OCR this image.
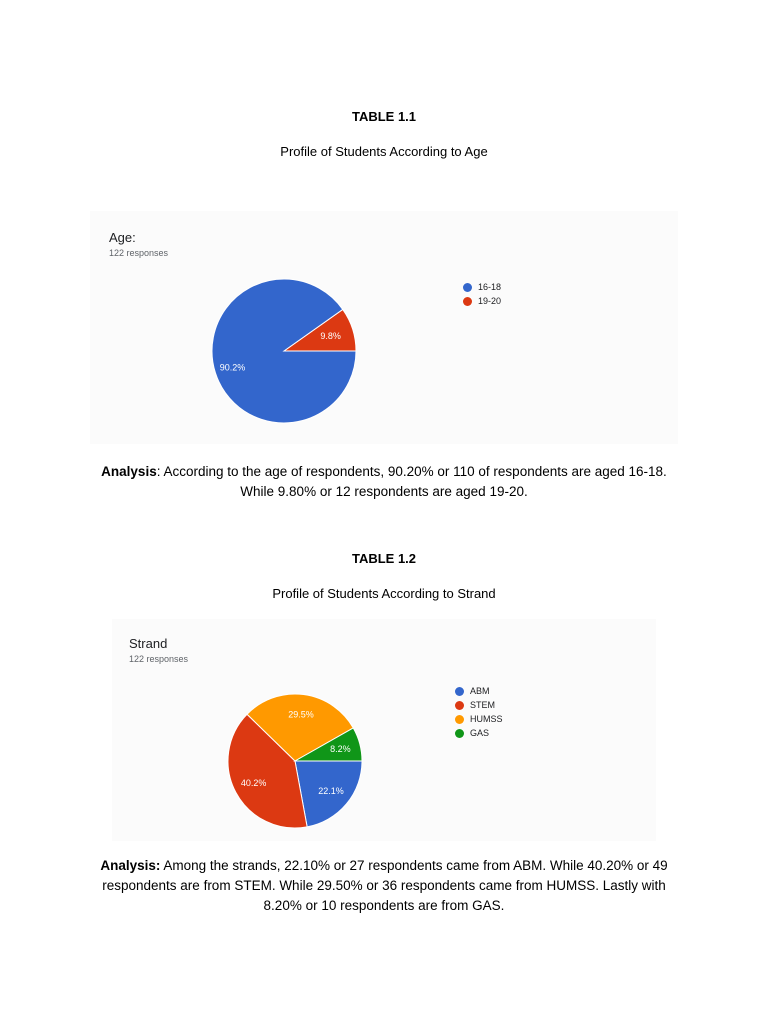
TABLE 1.1
Profile of Students According to Age
Age:
122 responses
9.8%
90.2%
16-18
19-20
Analysis: According to the age of respondents, 90.20% or 110 of respondents are aged 16-18. While 9.80% or 12 respondents are aged 19-20.
TABLE 1.2
Profile of Students According to Strand
Strand
122 responses
22.1%
40.2%
29.5%
8.2%
ABM
STEM
HUMSS
GAS
Analysis: Among the strands, 22.10% or 27 respondents came from ABM. While 40.20% or 49 respondents are from STEM. While 29.50% or 36 respondents came from HUMSS. Lastly with 8.20% or 10 respondents are from GAS.
